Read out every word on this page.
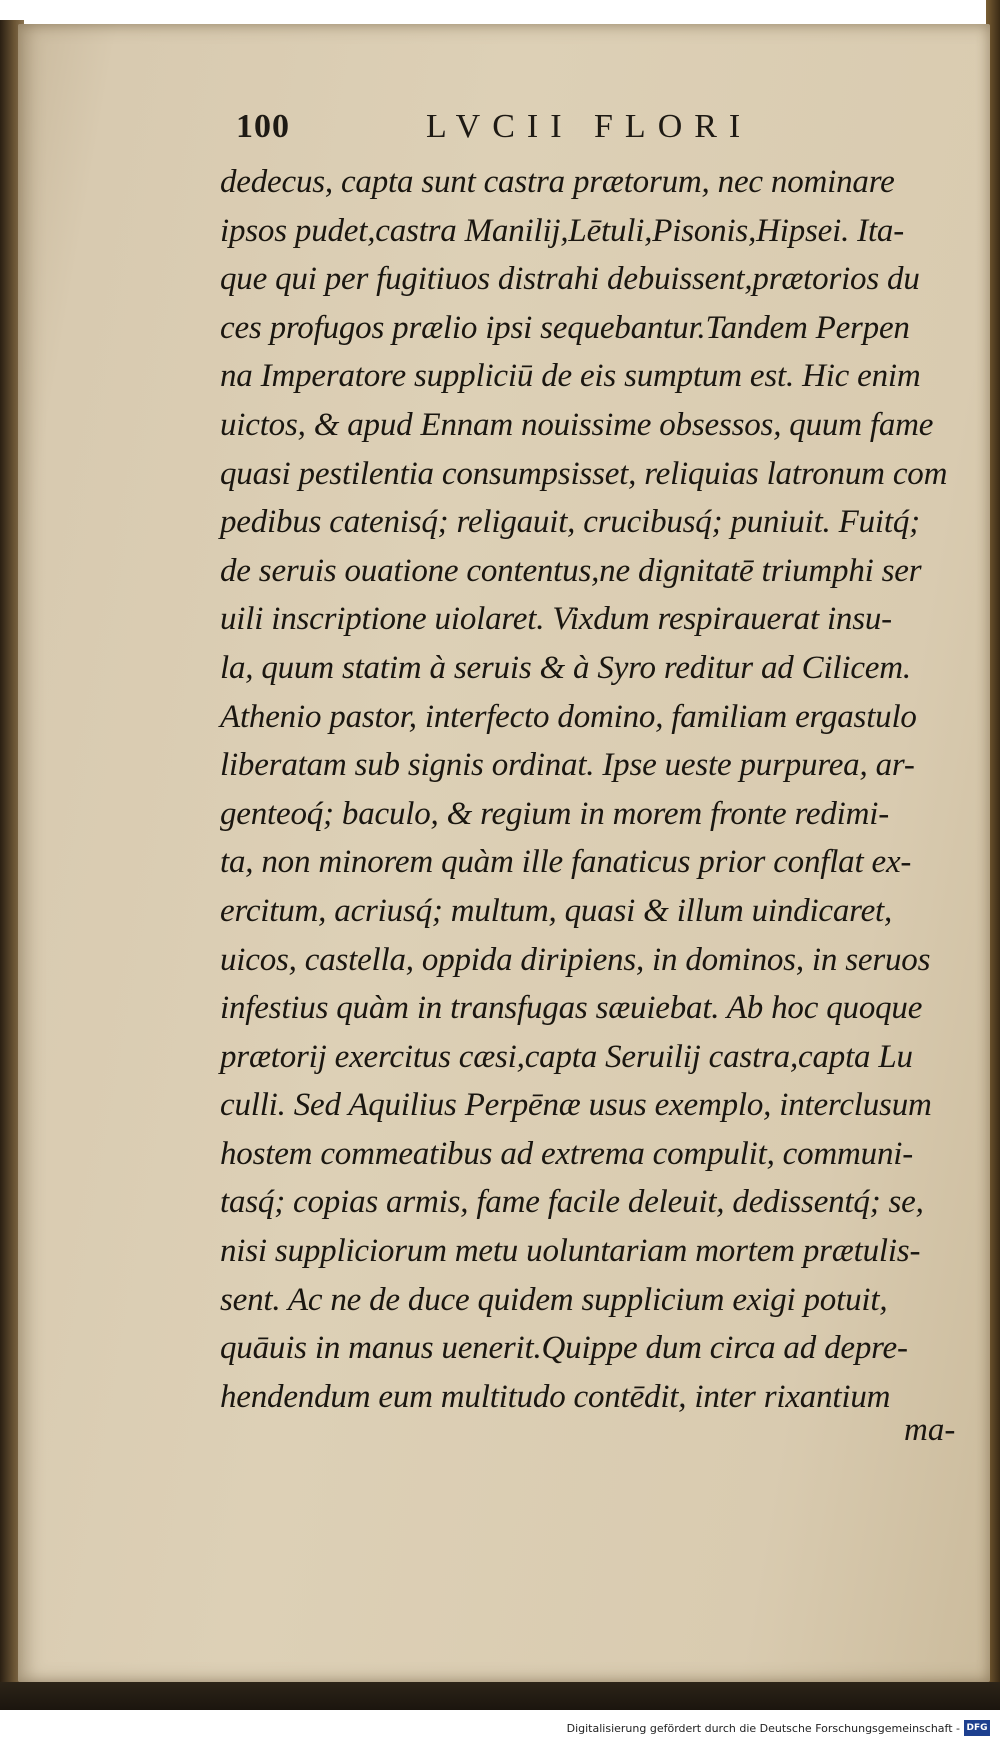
100	LVCII FLORI
dedecus, capta sunt castra prætorum, nec nominare
ipsos pudet,castra Manilij,Lētuli,Pisonis,Hipsei. Ita-
que qui per fugitiuos distrahi debuissent,prætorios du
ces profugos prælio ipsi sequebantur.Tandem Perpen
na Imperatore suppliciū de eis sumptum est. Hic enim
uictos, & apud Ennam nouissime obsessos, quum fame
quasi pestilentia consumpsisset, reliquias latronum com
pedibus catenisq́; religauit, crucibusq́; puniuit. Fuitq́;
de seruis ouatione contentus,ne dignitatē triumphi ser
uili inscriptione uiolaret. Vixdum respirauerat insu-
la, quum statim à seruis & à Syro reditur ad Cilicem.
Athenio pastor, interfecto domino, familiam ergastulo
liberatam sub signis ordinat. Ipse ueste purpurea, ar-
genteoq́; baculo, & regium in morem fronte redimi-
ta, non minorem quàm ille fanaticus prior conflat ex-
ercitum, acriusq́; multum, quasi & illum uindicaret,
uicos, castella, oppida diripiens, in dominos, in seruos
infestius quàm in transfugas sæuiebat. Ab hoc quoque
prætorij exercitus cæsi,capta Seruilij castra,capta Lu
culli. Sed Aquilius Perpēnæ usus exemplo, interclusum
hostem commeatibus ad extrema compulit, communi-
tasq́; copias armis, fame facile deleuit, dedissentq́; se,
nisi suppliciorum metu uoluntariam mortem prætulis-
sent. Ac ne de duce quidem supplicium exigi potuit,
quāuis in manus uenerit.Quippe dum circa ad depre-
hendendum eum multitudo contēdit, inter rixantium
ma-
Digitalisierung gefördert durch die Deutsche Forschungsgemeinschaft - DFG
